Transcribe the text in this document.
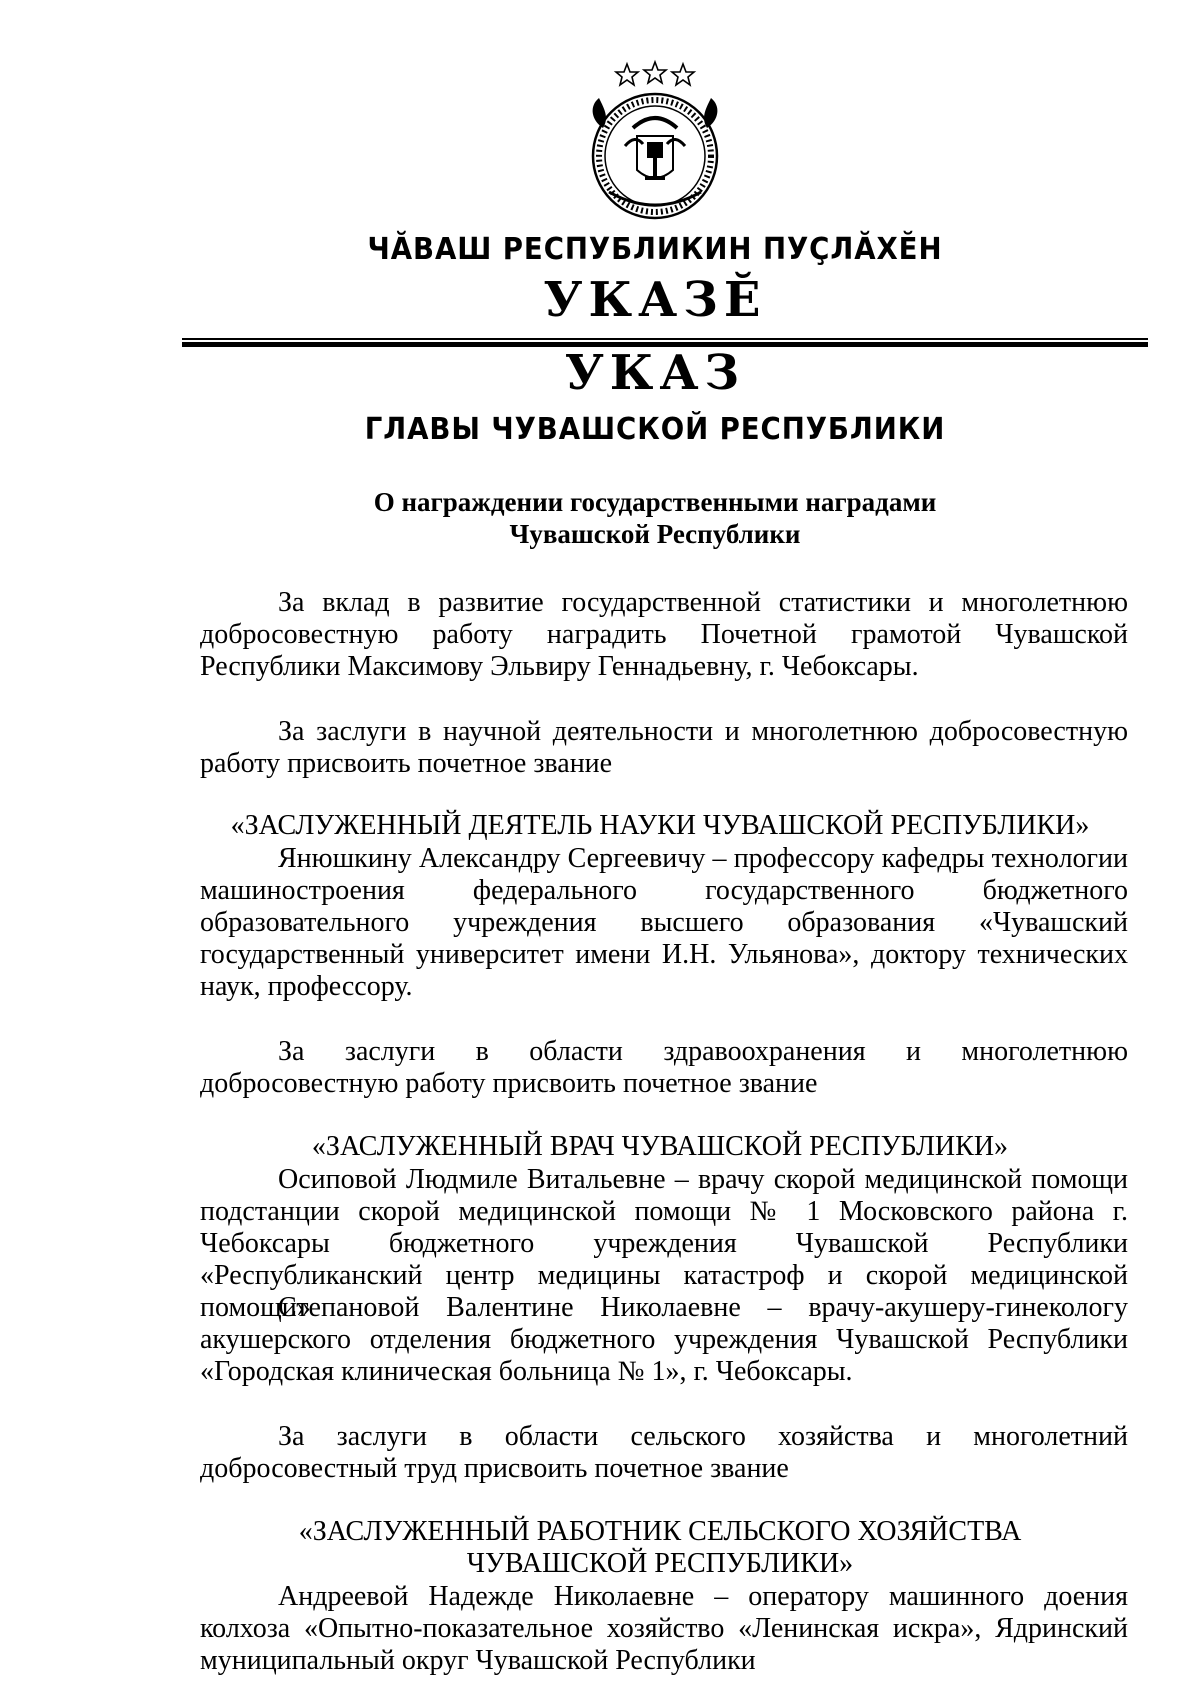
ЧĂВАШ РЕСПУБЛИКИН ПУÇЛĂХĔН
УКАЗĔ
УКАЗ
ГЛАВЫ ЧУВАШСКОЙ РЕСПУБЛИКИ
О награждении государственными наградами
Чувашской Республики
За вклад в развитие государственной статистики и многолетнюю добросовестную работу наградить Почетной грамотой Чувашской Республики Максимову Эльвиру Геннадьевну, г. Чебоксары.
За заслуги в научной деятельности и многолетнюю добросовестную работу присвоить почетное звание
«ЗАСЛУЖЕННЫЙ ДЕЯТЕЛЬ НАУКИ ЧУВАШСКОЙ РЕСПУБЛИКИ»
Янюшкину Александру Сергеевичу – профессору кафедры технологии машиностроения федерального государственного бюджетного образовательного учреждения высшего образования «Чувашский государственный университет имени И.Н. Ульянова», доктору технических наук, профессору.
За заслуги в области здравоохранения и многолетнюю добросовестную работу присвоить почетное звание
«ЗАСЛУЖЕННЫЙ ВРАЧ ЧУВАШСКОЙ РЕСПУБЛИКИ»
Осиповой Людмиле Витальевне – врачу скорой медицинской помощи подстанции скорой медицинской помощи № 1 Московского района г. Чебоксары бюджетного учреждения Чувашской Республики «Республиканский центр медицины катастроф и скорой медицинской помощи»
Степановой Валентине Николаевне – врачу-акушеру-гинекологу акушерского отделения бюджетного учреждения Чувашской Республики «Городская клиническая больница № 1», г. Чебоксары.
За заслуги в области сельского хозяйства и многолетний добросовестный труд присвоить почетное звание
«ЗАСЛУЖЕННЫЙ РАБОТНИК СЕЛЬСКОГО ХОЗЯЙСТВА
ЧУВАШСКОЙ РЕСПУБЛИКИ»
Андреевой Надежде Николаевне – оператору машинного доения колхоза «Опытно-показательное хозяйство «Ленинская искра», Ядринский муниципальный округ Чувашской Республики
